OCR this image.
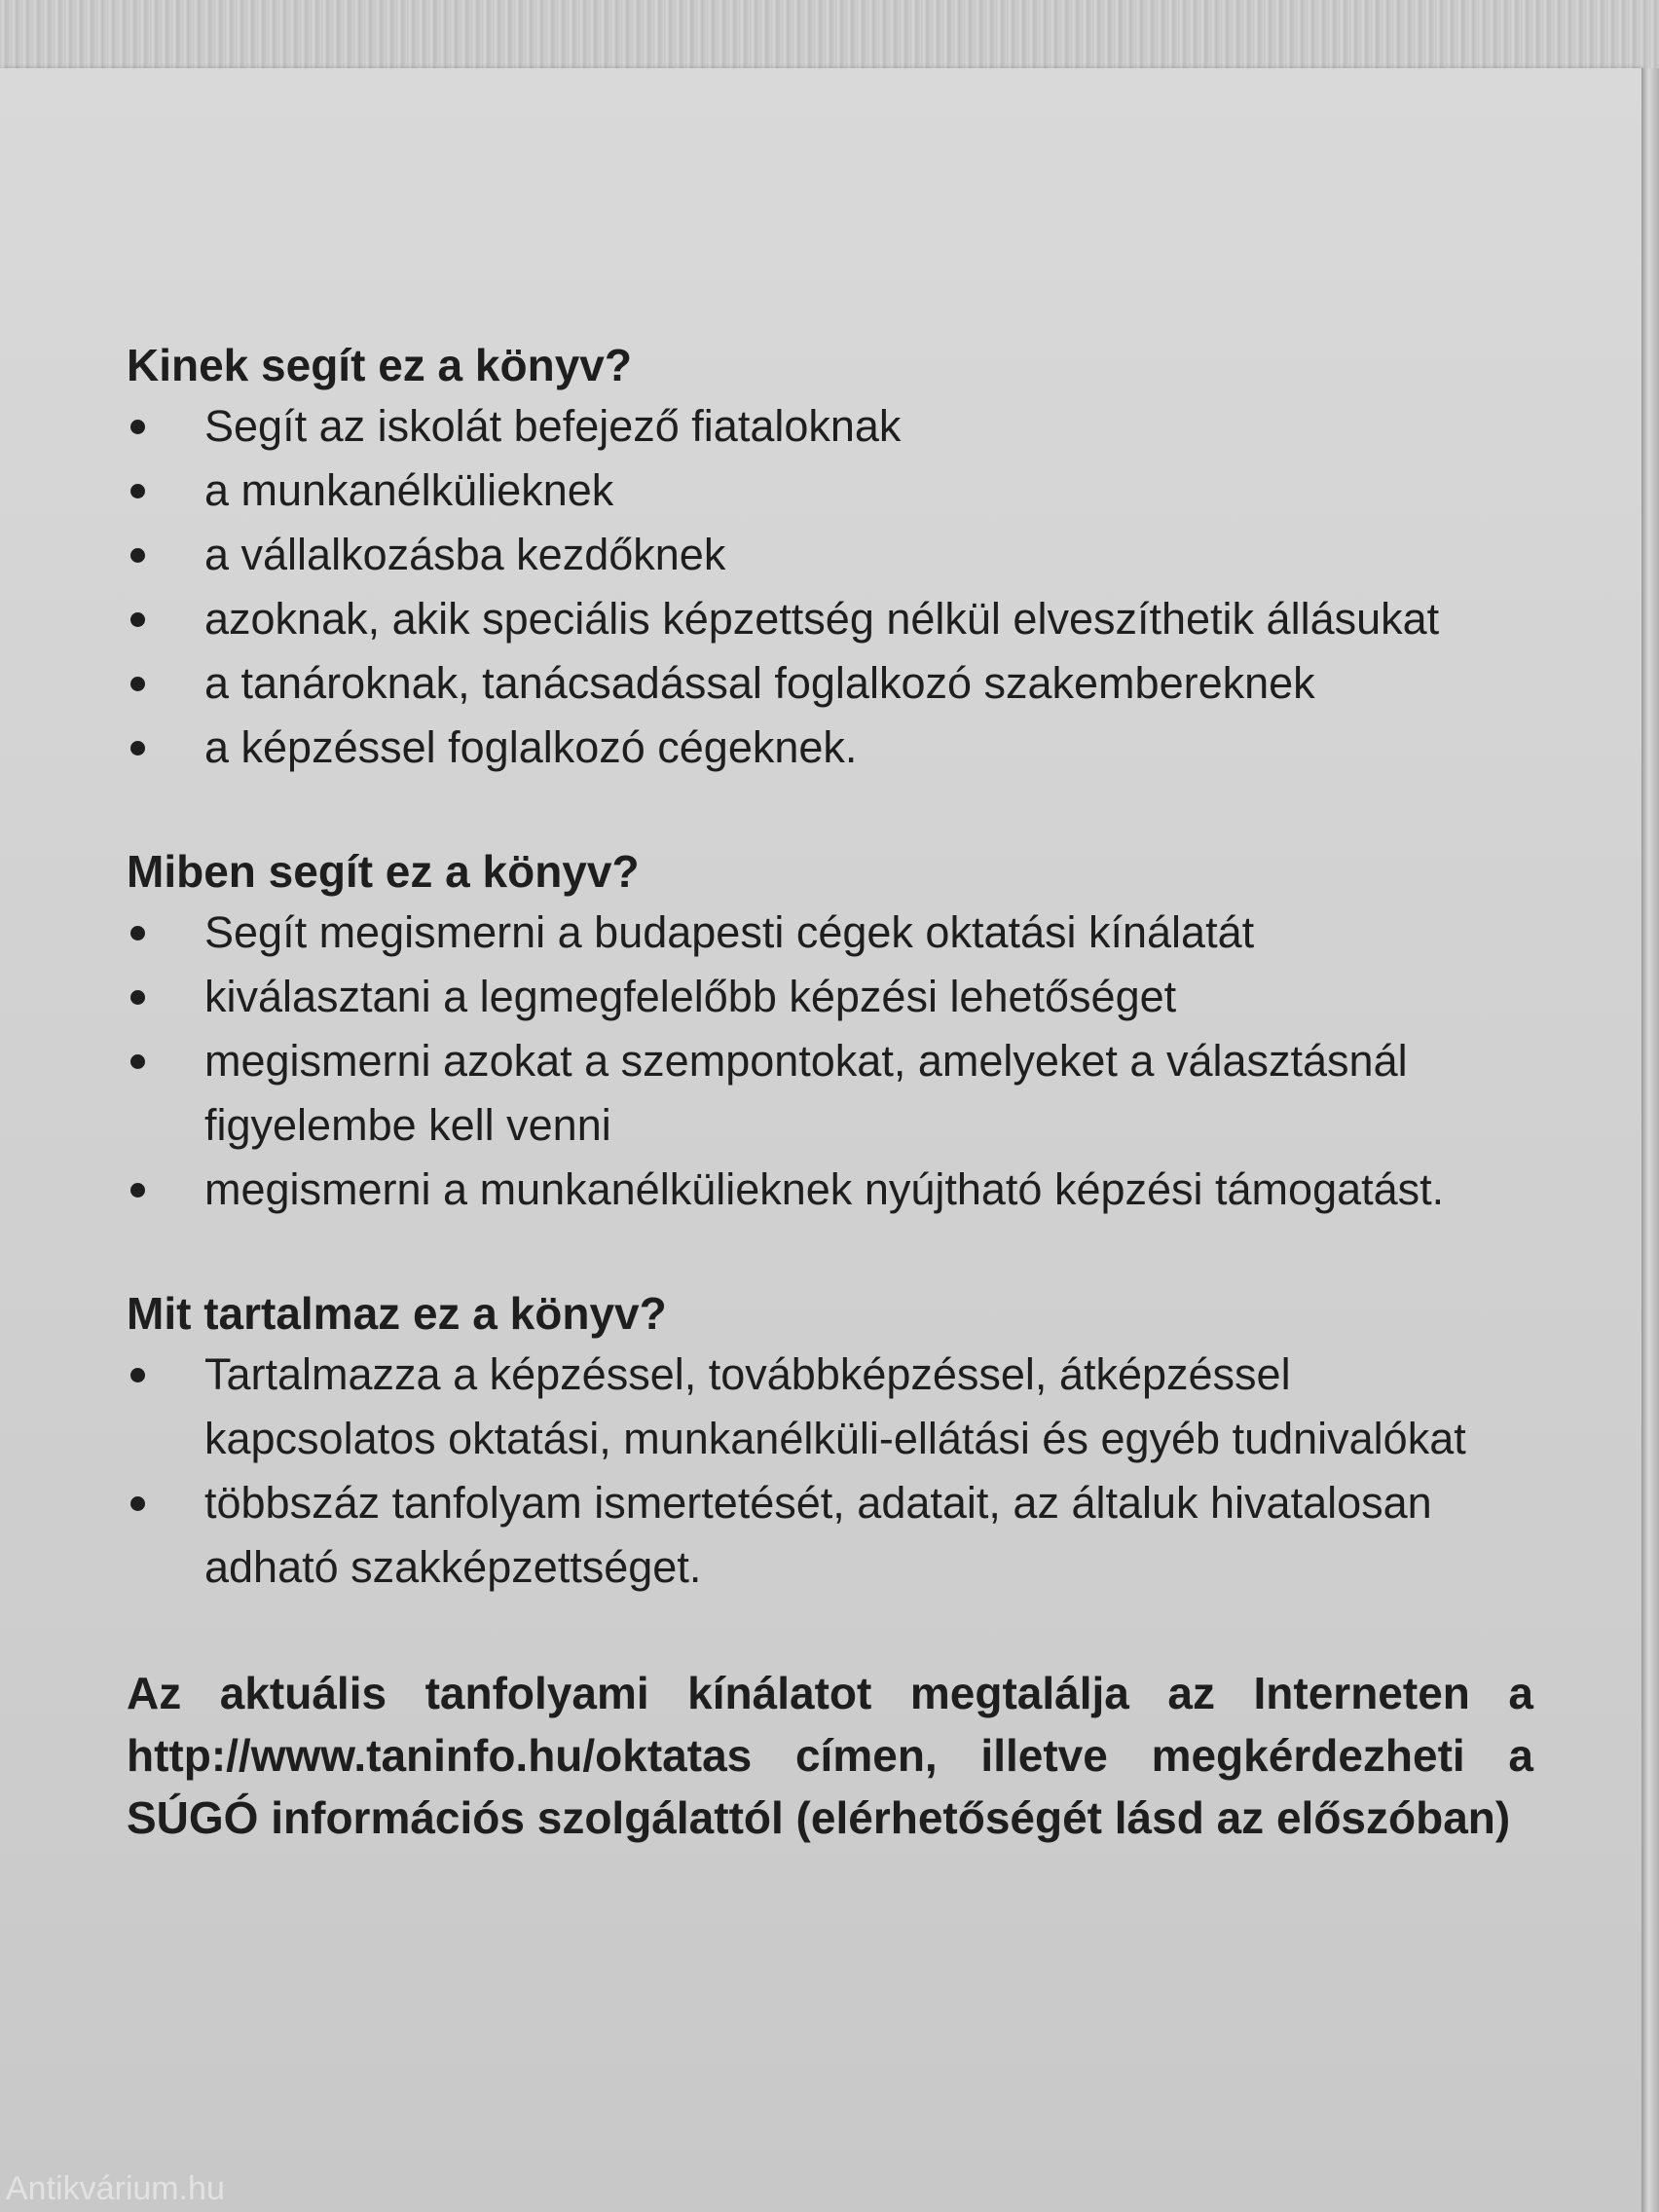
Kinek segít ez a könyv?
Segít az iskolát befejező fiataloknak
a munkanélkülieknek
a vállalkozásba kezdőknek
azoknak, akik speciális képzettség nélkül elveszíthetik állásukat
a tanároknak, tanácsadással foglalkozó szakembereknek
a képzéssel foglalkozó cégeknek.
Miben segít ez a könyv?
Segít megismerni a budapesti cégek oktatási kínálatát
kiválasztani a legmegfelelőbb képzési lehetőséget
megismerni azokat a szempontokat, amelyeket a választásnál figyelembe kell venni
megismerni a munkanélkülieknek nyújtható képzési támogatást.
Mit tartalmaz ez a könyv?
Tartalmazza a képzéssel, továbbképzéssel, átképzéssel kapcsolatos oktatási, munkanélküli-ellátási és egyéb tudnivalókat
többszáz tanfolyam ismertetését, adatait, az általuk hivatalosan adható szakképzettséget.

Az aktuális tanfolyami kínálatot megtalálja az Interneten a http://www.taninfo.hu/oktatas címen, illetve megkérdezheti a SÚGÓ információs szolgálattól (elérhetőségét lásd az előszóban)

Antikvárium.hu
